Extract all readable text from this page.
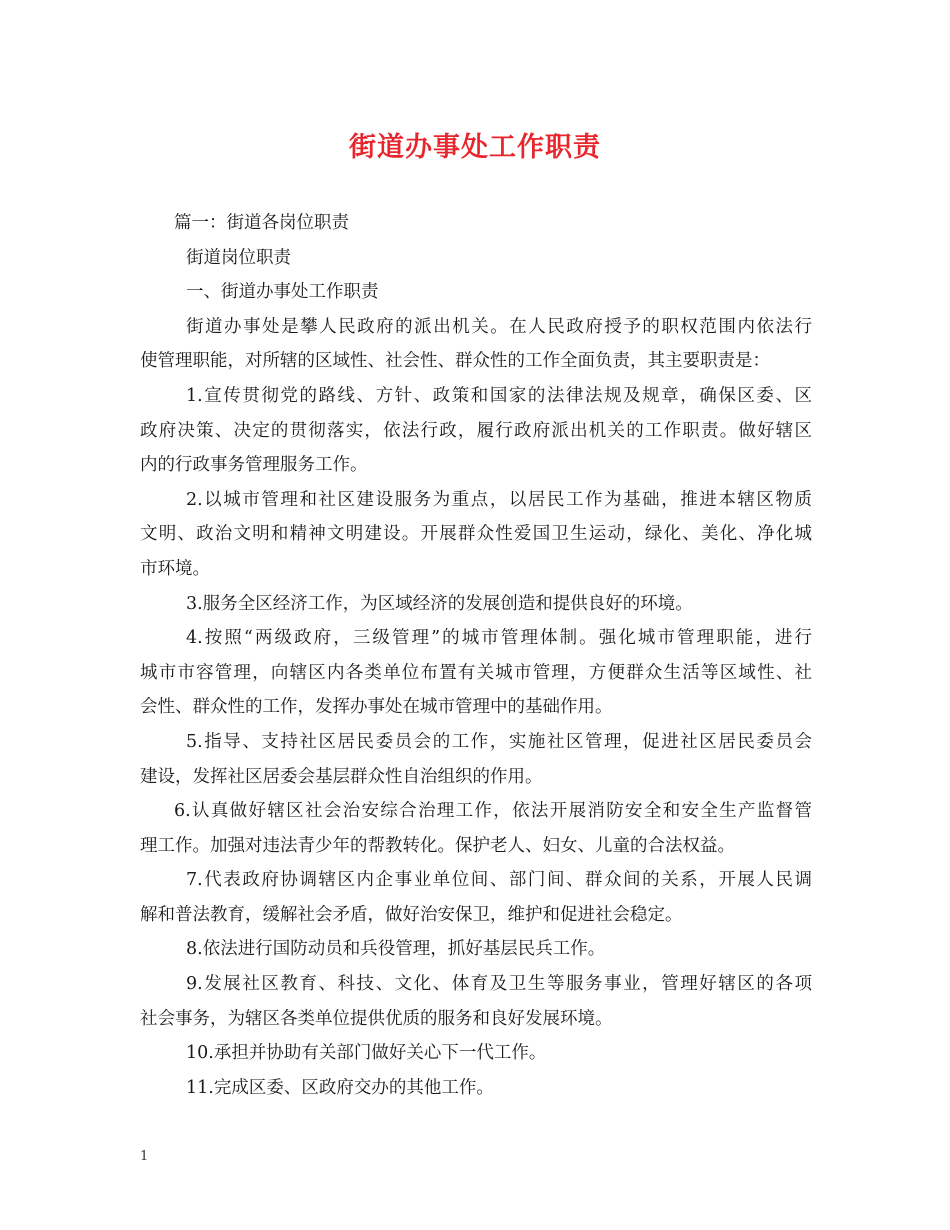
街道办事处工作职责
篇一：街道各岗位职责
街道岗位职责
一、街道办事处工作职责
街道办事处是攀人民政府的派出机关。在人民政府授予的职权范围内依法行
使管理职能，对所辖的区域性、社会性、群众性的工作全面负责，其主要职责是：
1.宣传贯彻党的路线、方针、政策和国家的法律法规及规章，确保区委、区
政府决策、决定的贯彻落实，依法行政，履行政府派出机关的工作职责。做好辖区
内的行政事务管理服务工作。
2.以城市管理和社区建设服务为重点，以居民工作为基础，推进本辖区物质
文明、政治文明和精神文明建设。开展群众性爱国卫生运动，绿化、美化、净化城
市环境。
3.服务全区经济工作，为区域经济的发展创造和提供良好的环境。
4.按照“两级政府，三级管理”的城市管理体制。强化城市管理职能，进行
城市市容管理，向辖区内各类单位布置有关城市管理，方便群众生活等区域性、社
会性、群众性的工作，发挥办事处在城市管理中的基础作用。
5.指导、支持社区居民委员会的工作，实施社区管理，促进社区居民委员会
建设，发挥社区居委会基层群众性自治组织的作用。
6.认真做好辖区社会治安综合治理工作，依法开展消防安全和安全生产监督管
理工作。加强对违法青少年的帮教转化。保护老人、妇女、儿童的合法权益。
7.代表政府协调辖区内企事业单位间、部门间、群众间的关系，开展人民调
解和普法教育，缓解社会矛盾，做好治安保卫，维护和促进社会稳定。
8.依法进行国防动员和兵役管理，抓好基层民兵工作。
9.发展社区教育、科技、文化、体育及卫生等服务事业，管理好辖区的各项
社会事务，为辖区各类单位提供优质的服务和良好发展环境。
10.承担并协助有关部门做好关心下一代工作。
11.完成区委、区政府交办的其他工作。
1
